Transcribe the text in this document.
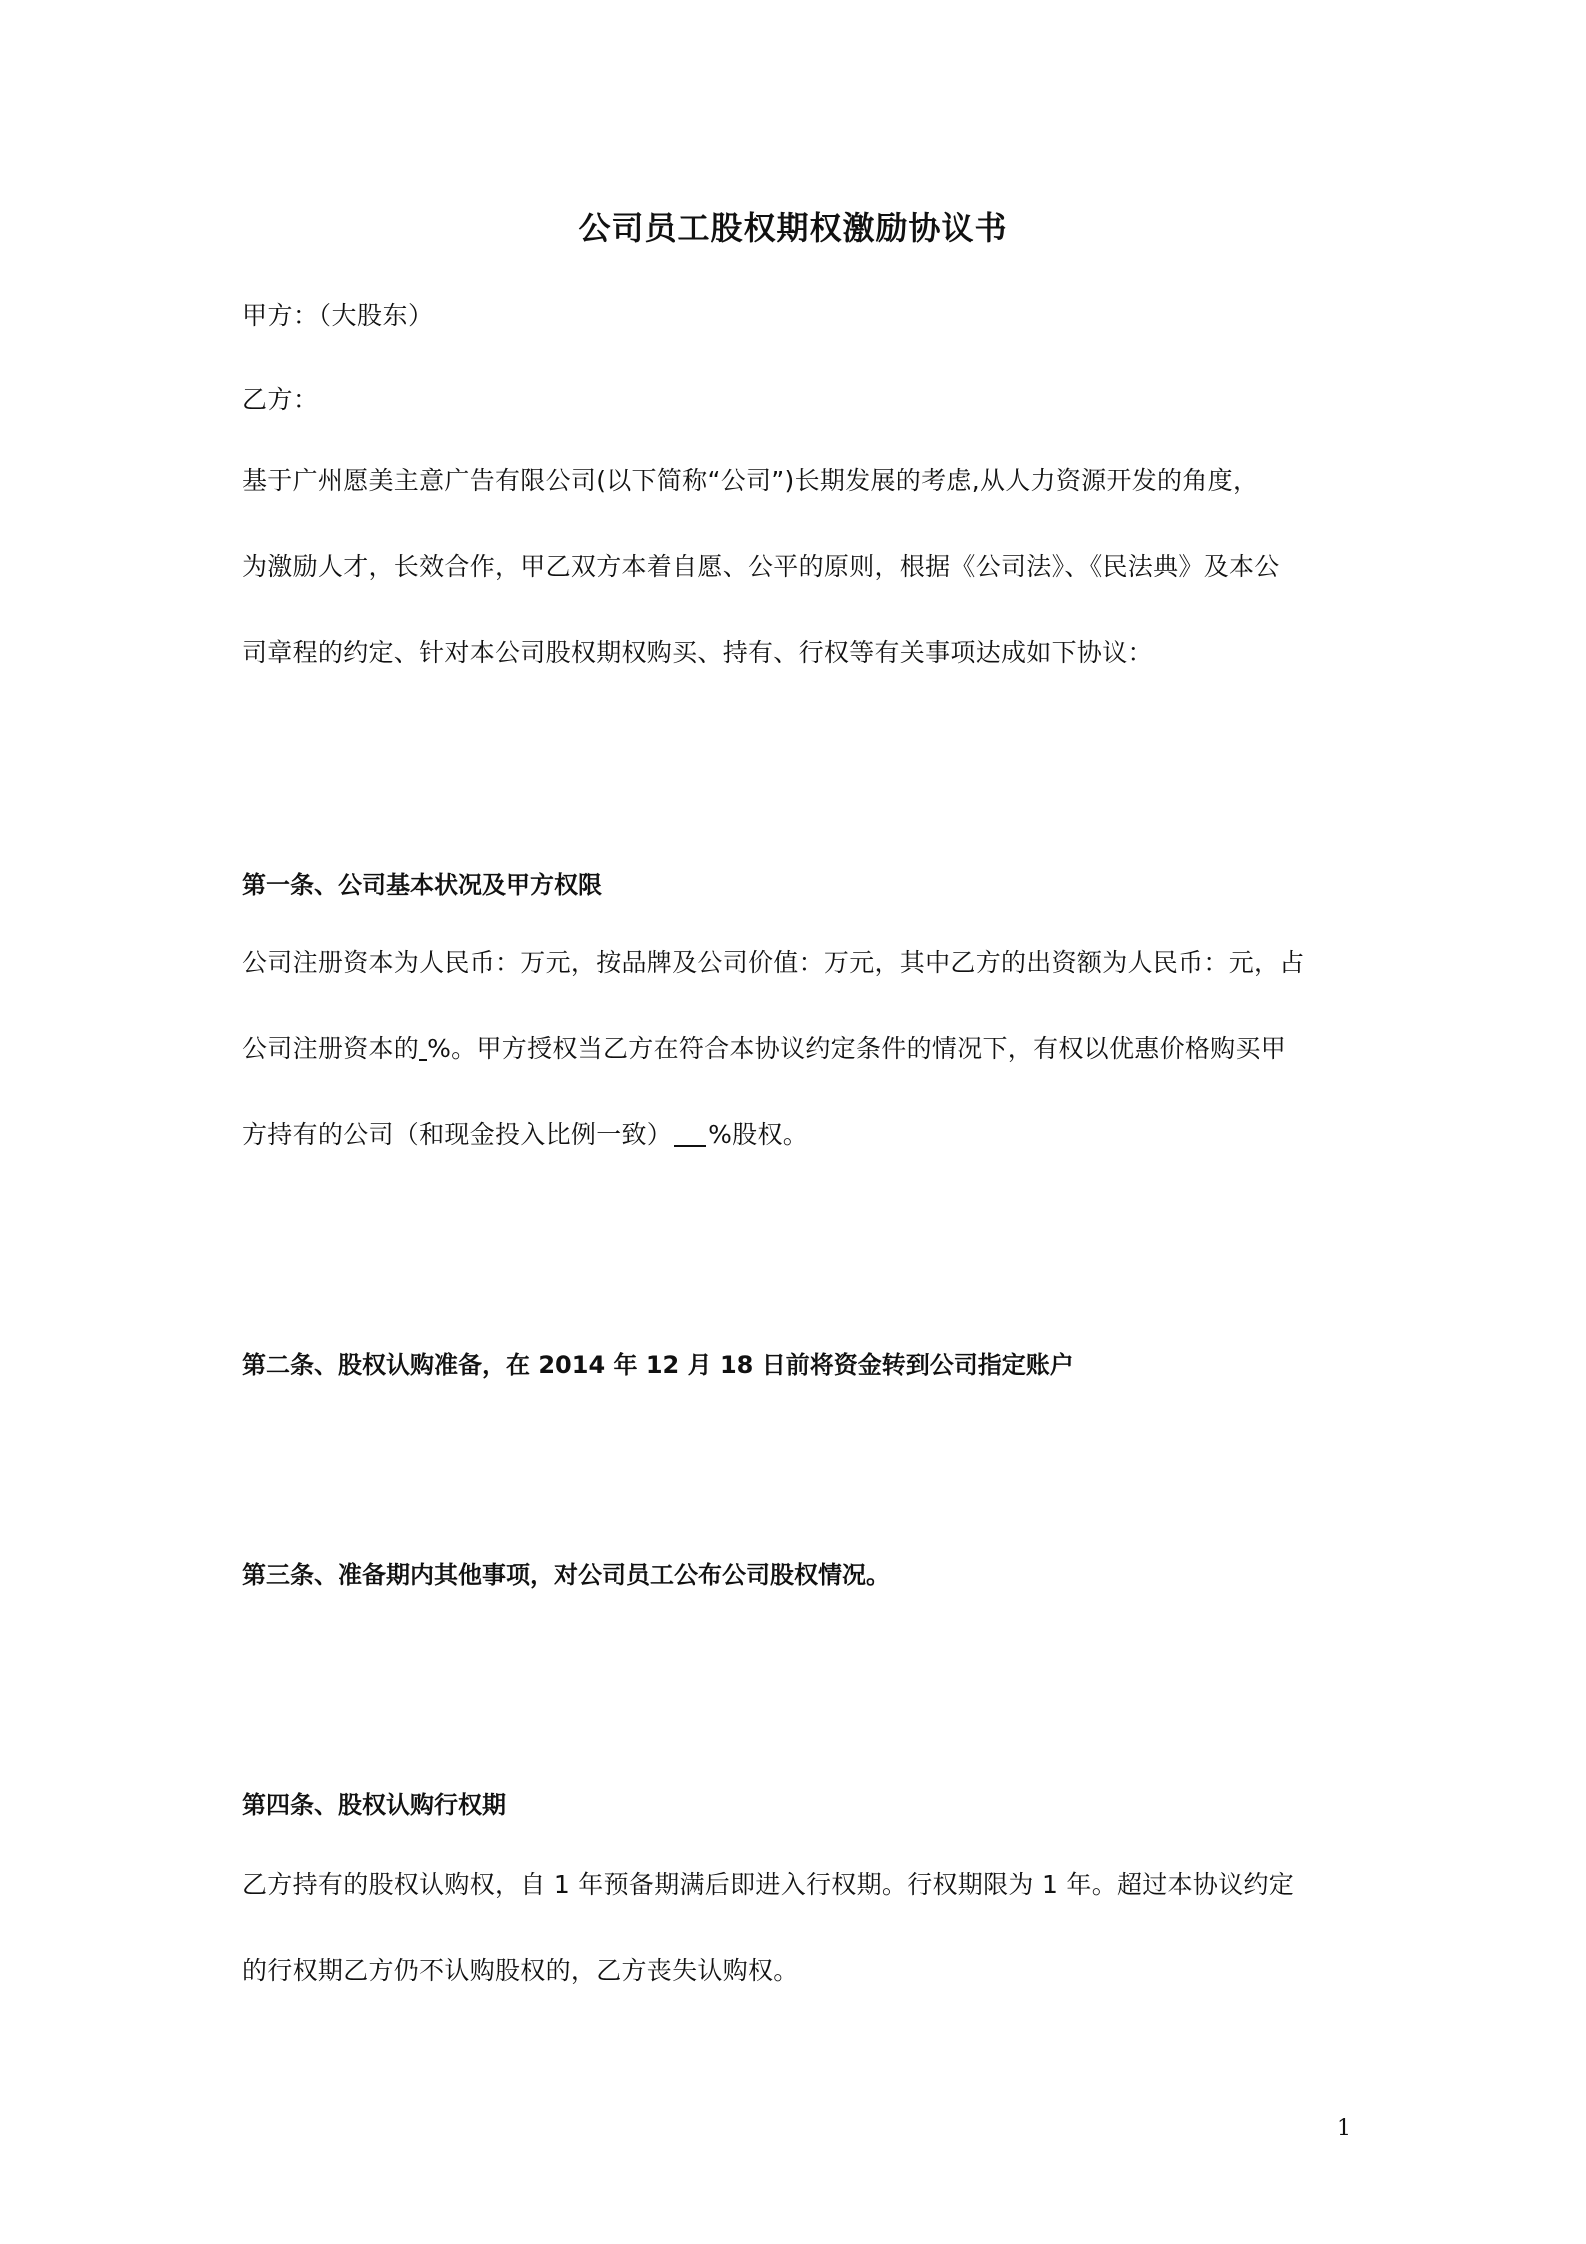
公司员工股权期权激励协议书

甲方：（大股东）

乙方：

基于广州愿美主意广告有限公司(以下简称“公司”)长期发展的考虑,从人力资源开发的角度，
为激励人才，长效合作，甲乙双方本着自愿、公平的原则，根据《公司法》、《民法典》及本公
司章程的约定、针对本公司股权期权购买、持有、行权等有关事项达成如下协议：

第一条、公司基本状况及甲方权限

公司注册资本为人民币：万元，按品牌及公司价值：万元，其中乙方的出资额为人民币：元，占
公司注册资本的 %。甲方授权当乙方在符合本协议约定条件的情况下，有权以优惠价格购买甲
方持有的公司（和现金投入比例一致） %股权。

第二条、股权认购准备，在 2014 年 12 月 18 日前将资金转到公司指定账户

第三条、准备期内其他事项，对公司员工公布公司股权情况。

第四条、股权认购行权期

乙方持有的股权认购权，自 1 年预备期满后即进入行权期。行权期限为 1 年。超过本协议约定
的行权期乙方仍不认购股权的，乙方丧失认购权。
1
